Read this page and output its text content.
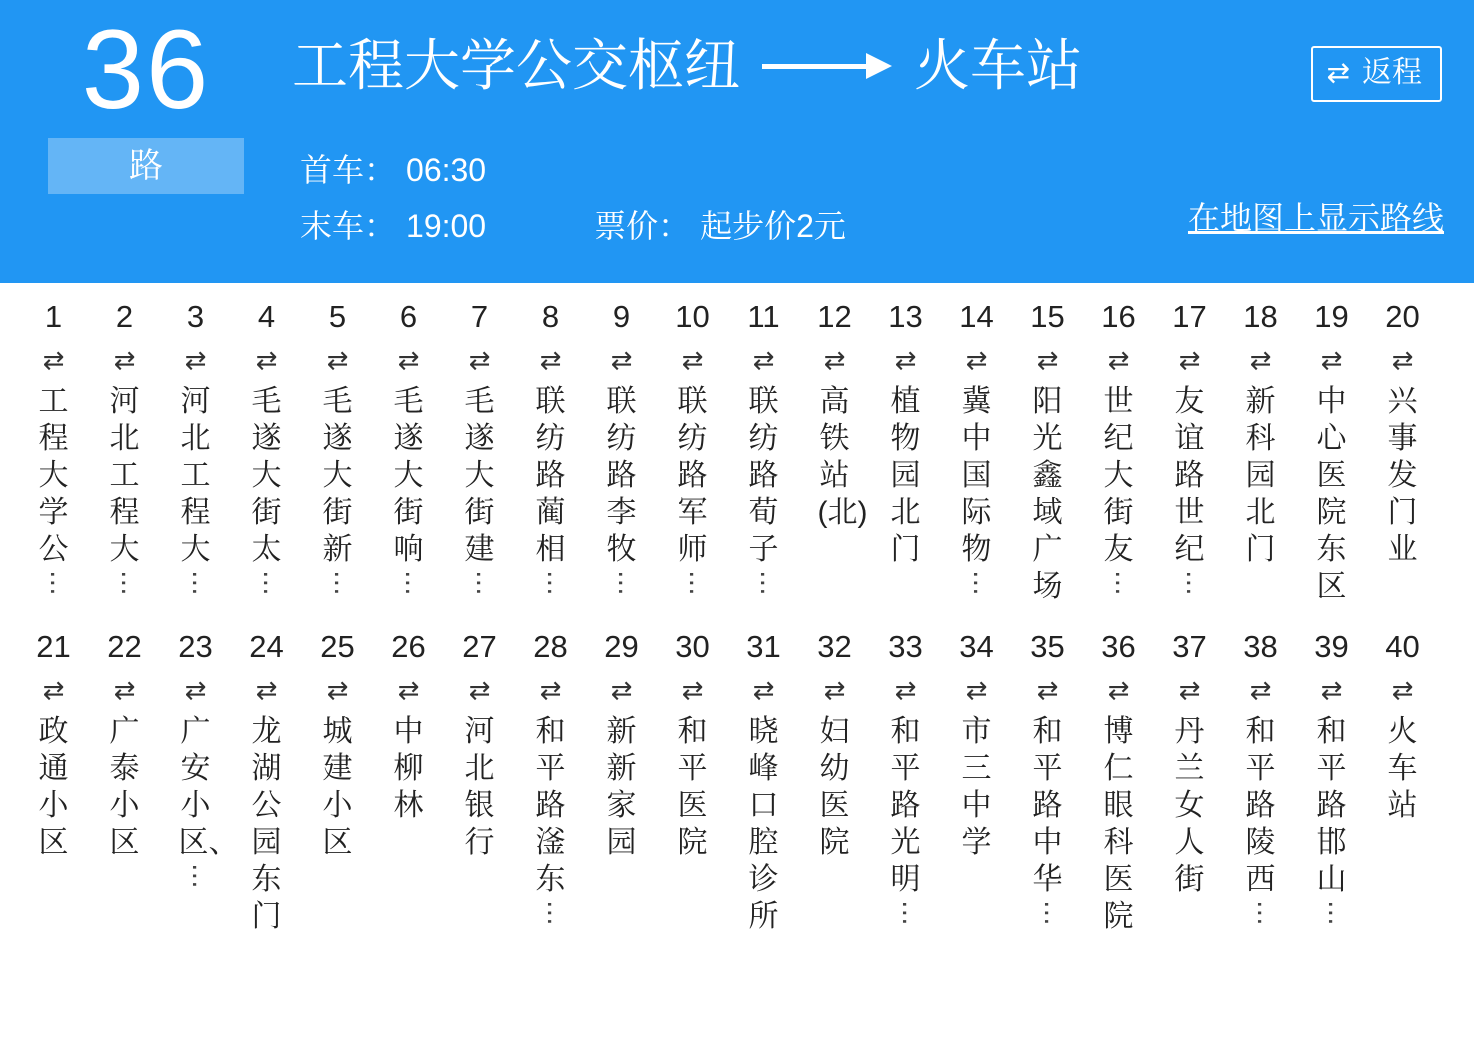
36
路
工程大学公交枢纽	火车站	⇄ 返程
首车： 06:30
末车： 19:00	票价： 起步价2元	在地图上显示路线
1
⇄
工程大学公
⋯
2
⇄
河北工程大
⋯
3
⇄
河北工程大
⋯
4
⇄
毛遂大街太
⋯
5
⇄
毛遂大街新
⋯
6
⇄
毛遂大街响
⋯
7
⇄
毛遂大街建
⋯
8
⇄
联纺路蔺相
⋯
9
⇄
联纺路李牧
⋯
10
⇄
联纺路军师
⋯
11
⇄
联纺路荀子
⋯
12
⇄
高铁站(北)
13
⇄
植物园北门
14
⇄
冀中国际物
⋯
15
⇄
阳光鑫域广场
16
⇄
世纪大街友
⋯
17
⇄
友谊路世纪
⋯
18
⇄
新科园北门
19
⇄
中心医院东区
20
⇄
兴事发门业
21
⇄
政通小区
22
⇄
广泰小区
23
⇄
广安小区、
⋯
24
⇄
龙湖公园东门
25
⇄
城建小区
26
⇄
中柳林
27
⇄
河北银行
28
⇄
和平路滏东
⋯
29
⇄
新新家园
30
⇄
和平医院
31
⇄
晓峰口腔诊所
32
⇄
妇幼医院
33
⇄
和平路光明
⋯
34
⇄
市三中学
35
⇄
和平路中华
⋯
36
⇄
博仁眼科医院
37
⇄
丹兰女人街
38
⇄
和平路陵西
⋯
39
⇄
和平路邯山
⋯
40
⇄
火车站
